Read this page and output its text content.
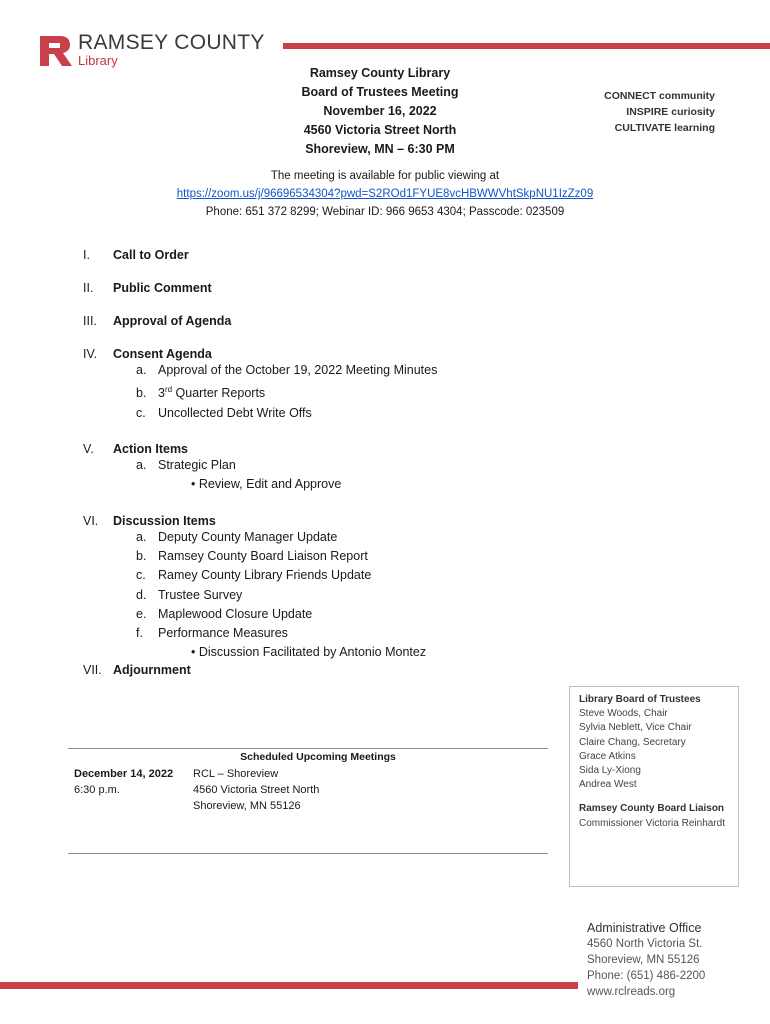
RAMSEY COUNTY
Library
Ramsey County Library
Board of Trustees Meeting
November 16, 2022
4560 Victoria Street North
Shoreview, MN – 6:30 PM
CONNECT community
INSPIRE curiosity
CULTIVATE learning
The meeting is available for public viewing at
https://zoom.us/j/96696534304?pwd=S2ROd1FYUE8vcHBWWVhtSkpNU1IzZz09
Phone: 651 372 8299; Webinar ID: 966 9653 4304; Passcode: 023509
I.	Call to Order
II.	Public Comment
III.	Approval of Agenda
IV.	Consent Agenda
a. Approval of the October 19, 2022 Meeting Minutes
b. 3rd Quarter Reports
c. Uncollected Debt Write Offs
V.	Action Items
a. Strategic Plan
• Review, Edit and Approve
VI.	Discussion Items
a. Deputy County Manager Update
b. Ramsey County Board Liaison Report
c. Ramey County Library Friends Update
d. Trustee Survey
e. Maplewood Closure Update
f. Performance Measures
• Discussion Facilitated by Antonio Montez
VII. Adjournment
Library Board of Trustees
Steve Woods, Chair
Sylvia Neblett, Vice Chair
Claire Chang, Secretary
Grace Atkins
Sida Ly-Xiong
Andrea West
Ramsey County Board Liaison
Commissioner Victoria Reinhardt
Scheduled Upcoming Meetings
December 14, 2022
6:30 p.m.
RCL – Shoreview
4560 Victoria Street North
Shoreview, MN 55126
Administrative Office
4560 North Victoria St.
Shoreview, MN 55126
Phone: (651) 486-2200
www.rclreads.org
